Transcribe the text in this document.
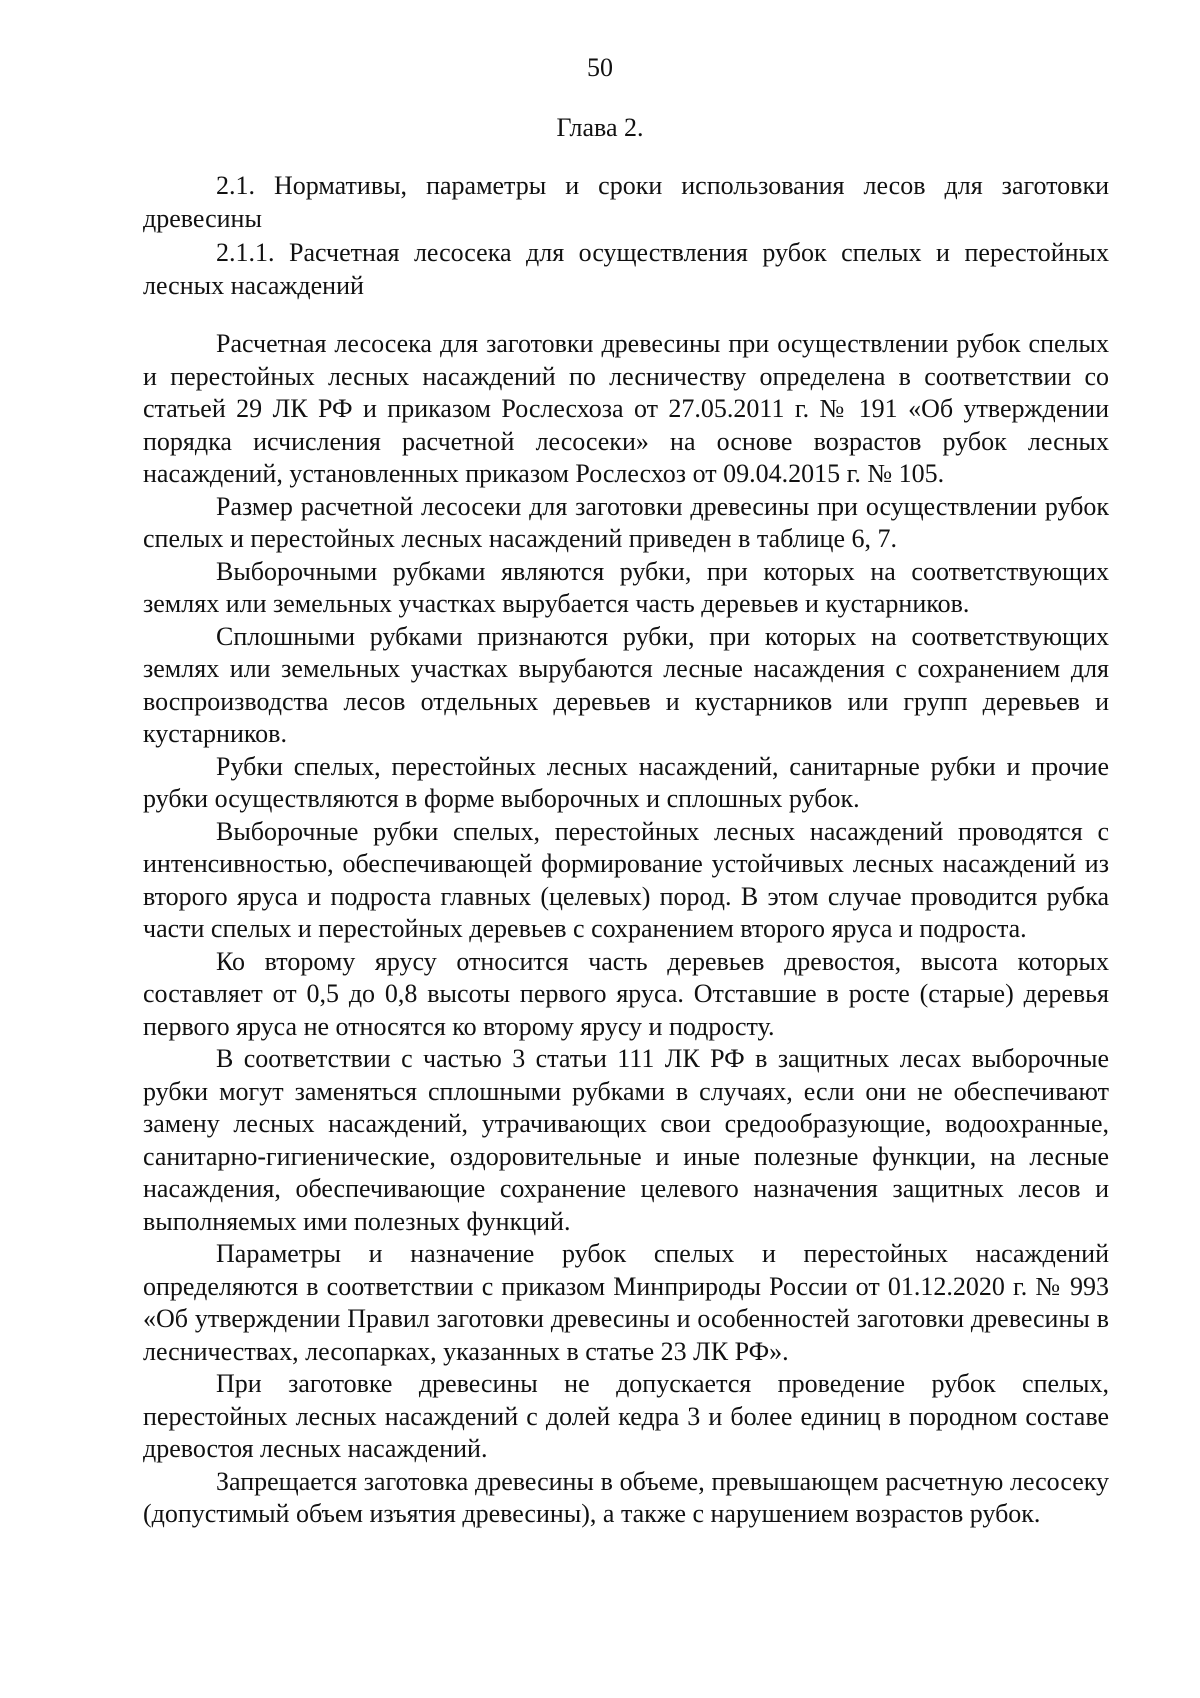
50
Глава 2.

2.1. Нормативы, параметры и сроки использования лесов для заготовки древесины

2.1.1. Расчетная лесосека для осуществления рубок спелых и перестойных лесных насаждений

Расчетная лесосека для заготовки древесины при осуществлении рубок спелых и перестойных лесных насаждений по лесничеству определена в соответствии со статьей 29 ЛК РФ и приказом Рослесхоза от 27.05.2011 г. № 191 «Об утверждении порядка исчисления расчетной лесосеки» на основе возрастов рубок лесных насаждений, установленных приказом Рослесхоз от 09.04.2015 г. № 105.

Размер расчетной лесосеки для заготовки древесины при осуществлении рубок спелых и перестойных лесных насаждений приведен в таблице 6, 7.

Выборочными рубками являются рубки, при которых на соответствующих землях или земельных участках вырубается часть деревьев и кустарников.

Сплошными рубками признаются рубки, при которых на соответствующих землях или земельных участках вырубаются лесные насаждения с сохранением для воспроизводства лесов отдельных деревьев и кустарников или групп деревьев и кустарников.

Рубки спелых, перестойных лесных насаждений, санитарные рубки и прочие рубки осуществляются в форме выборочных и сплошных рубок.

Выборочные рубки спелых, перестойных лесных насаждений проводятся с интенсивностью, обеспечивающей формирование устойчивых лесных насаждений из второго яруса и подроста главных (целевых) пород. В этом случае проводится рубка части спелых и перестойных деревьев с сохранением второго яруса и подроста.

Ко второму ярусу относится часть деревьев древостоя, высота которых составляет от 0,5 до 0,8 высоты первого яруса. Отставшие в росте (старые) деревья первого яруса не относятся ко второму ярусу и подросту.

В соответствии с частью 3 статьи 111 ЛК РФ в защитных лесах выборочные рубки могут заменяться сплошными рубками в случаях, если они не обеспечивают замену лесных насаждений, утрачивающих свои средообразующие, водоохранные, санитарно-гигиенические, оздоровительные и иные полезные функции, на лесные насаждения, обеспечивающие сохранение целевого назначения защитных лесов и выполняемых ими полезных функций.

Параметры и назначение рубок спелых и перестойных насаждений определяются в соответствии с приказом Минприроды России от 01.12.2020 г. № 993 «Об утверждении Правил заготовки древесины и особенностей заготовки древесины в лесничествах, лесопарках, указанных в статье 23 ЛК РФ».

При заготовке древесины не допускается проведение рубок спелых, перестойных лесных насаждений с долей кедра 3 и более единиц в породном составе древостоя лесных насаждений.

Запрещается заготовка древесины в объеме, превышающем расчетную лесосеку (допустимый объем изъятия древесины), а также с нарушением возрастов рубок.
